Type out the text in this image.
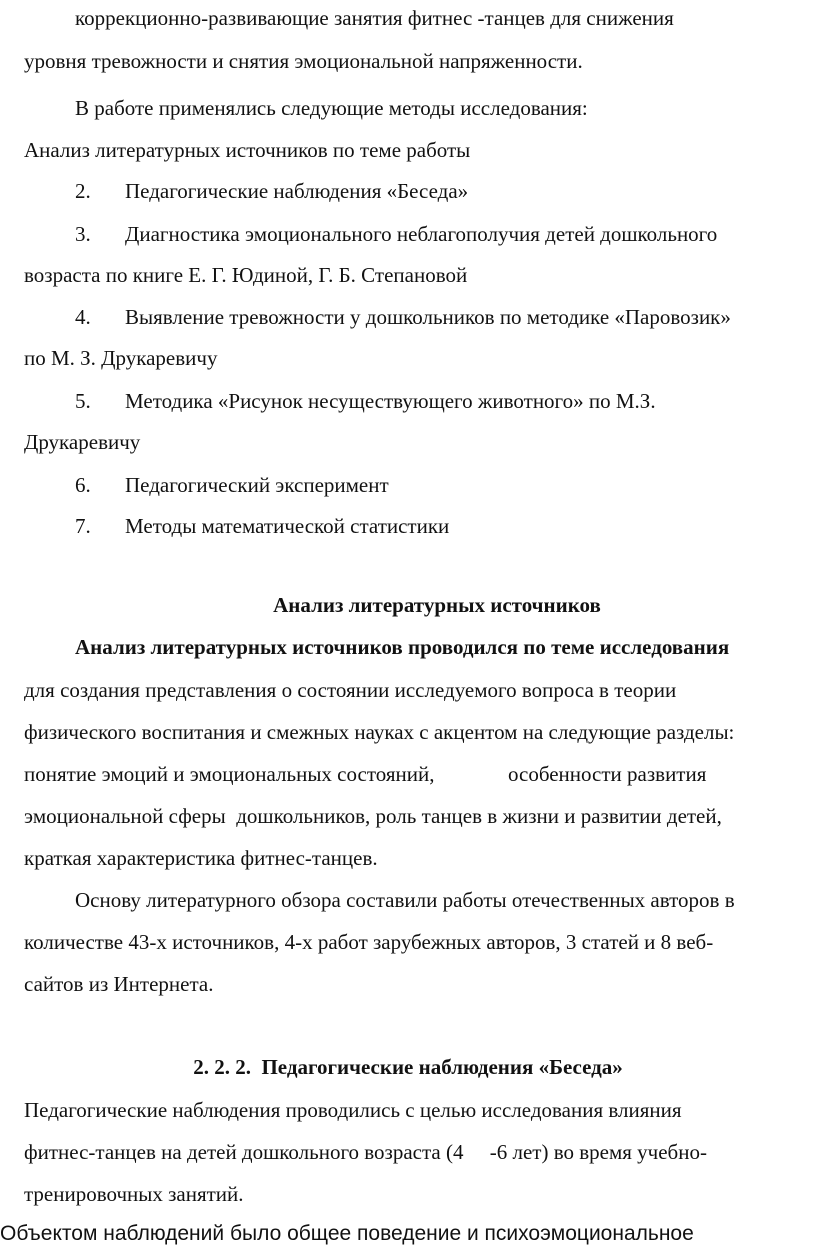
коррекционно-развивающие занятия фитнес -танцев для снижения
уровня тревожности и снятия эмоциональной напряженности.
В работе применялись следующие методы исследования:
Анализ литературных источников по теме работы
2. Педагогические наблюдения «Беседа»
3. Диагностика эмоционального неблагополучия детей дошкольного
возраста по книге Е. Г. Юдиной, Г. Б. Степановой
4. Выявление тревожности у дошкольников по методике «Паровозик»
по М. З. Друкаревичу
5. Методика «Рисунок несуществующего животного» по М.З.
Друкаревичу
6. Педагогический эксперимент
7. Методы математической статистики
Анализ литературных источников
Анализ литературных источников проводился по теме исследования
для создания представления о состоянии исследуемого вопроса в теории
физического воспитания и смежных науках с акцентом на следующие разделы:
понятие эмоций и эмоциональных состояний,              особенности развития
эмоциональной сферы  дошкольников, роль танцев в жизни и развитии детей,
краткая характеристика фитнес-танцев.
Основу литературного обзора составили работы отечественных авторов в
количестве 43-х источников, 4-х работ зарубежных авторов, 3 статей и 8 веб-
сайтов из Интернета.
2. 2. 2.  Педагогические наблюдения «Беседа»
Педагогические наблюдения проводились с целью исследования влияния
фитнес-танцев на детей дошкольного возраста (4     -6 лет) во время учебно-
тренировочных занятий.
Объектом наблюдений было общее поведение и психоэмоциональное
